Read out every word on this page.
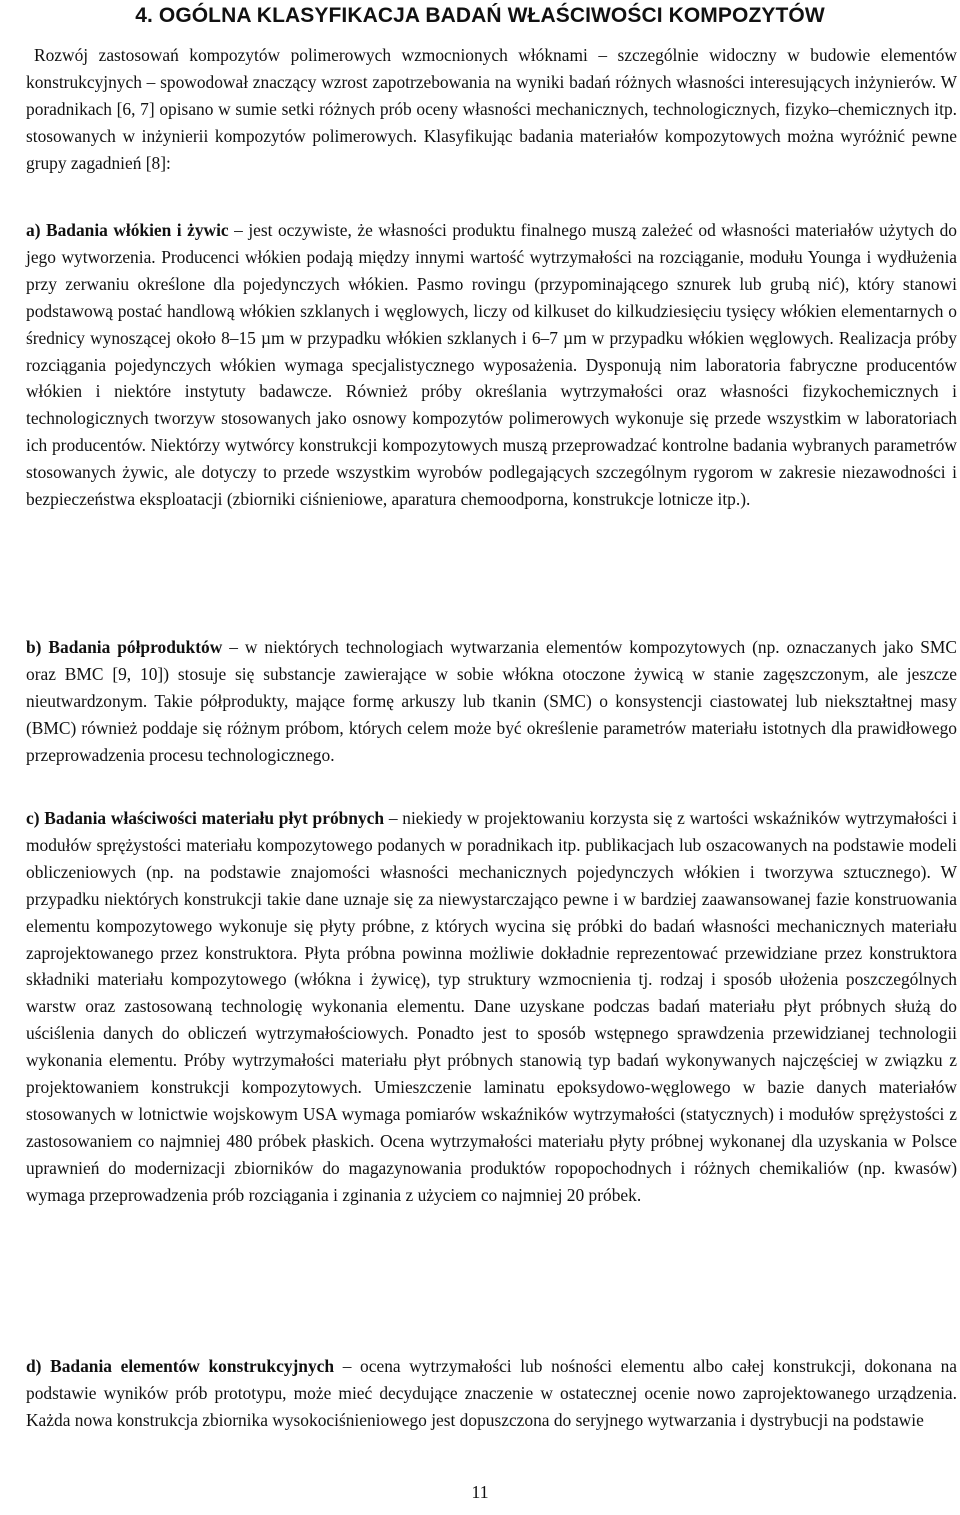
4. OGÓLNA KLASYFIKACJA BADAŃ WŁAŚCIWOŚCI KOMPOZYTÓW

Rozwój zastosowań kompozytów polimerowych wzmocnionych włóknami – szczególnie widoczny w budowie elementów konstrukcyjnych – spowodował znaczący wzrost zapotrzebowania na wyniki badań różnych własności interesujących inżynierów. W poradnikach [6, 7] opisano w sumie setki różnych prób oceny własności mechanicznych, technologicznych, fizyko–chemicznych itp. stosowanych w inżynierii kompozytów polimerowych. Klasyfikując badania materiałów kompozytowych można wyróżnić pewne grupy zagadnień [8]:

a) Badania włókien i żywic – jest oczywiste, że własności produktu finalnego muszą zależeć od własności materiałów użytych do jego wytworzenia. Producenci włókien podają między innymi wartość wytrzymałości na rozciąganie, modułu Younga i wydłużenia przy zerwaniu określone dla pojedynczych włókien. Pasmo rovingu (przypominającego sznurek lub grubą nić), który stanowi podstawową postać handlową włókien szklanych i węglowych, liczy od kilkuset do kilkudziesięciu tysięcy włókien elementarnych o średnicy wynoszącej około 8–15 µm w przypadku włókien szklanych i 6–7 µm w przypadku włókien węglowych. Realizacja próby rozciągania pojedynczych włókien wymaga specjalistycznego wyposażenia. Dysponują nim laboratoria fabryczne producentów włókien i niektóre instytuty badawcze. Również próby określania wytrzymałości oraz własności fizykochemicznych i technologicznych tworzyw stosowanych jako osnowy kompozytów polimerowych wykonuje się przede wszystkim w laboratoriach ich producentów. Niektórzy wytwórcy konstrukcji kompozytowych muszą przeprowadzać kontrolne badania wybranych parametrów stosowanych żywic, ale dotyczy to przede wszystkim wyrobów podlegających szczególnym rygorom w zakresie niezawodności i bezpieczeństwa eksploatacji (zbiorniki ciśnieniowe, aparatura chemoodporna, konstrukcje lotnicze itp.).

b) Badania półproduktów – w niektórych technologiach wytwarzania elementów kompozytowych (np. oznaczanych jako SMC oraz BMC [9, 10]) stosuje się substancje zawierające w sobie włókna otoczone żywicą w stanie zagęszczonym, ale jeszcze nieutwardzonym. Takie półprodukty, mające formę arkuszy lub tkanin (SMC) o konsystencji ciastowatej lub niekształtnej masy (BMC) również poddaje się różnym próbom, których celem może być określenie parametrów materiału istotnych dla prawidłowego przeprowadzenia procesu technologicznego.

c) Badania właściwości materiału płyt próbnych – niekiedy w projektowaniu korzysta się z wartości wskaźników wytrzymałości i modułów sprężystości materiału kompozytowego podanych w poradnikach itp. publikacjach lub oszacowanych na podstawie modeli obliczeniowych (np. na podstawie znajomości własności mechanicznych pojedynczych włókien i tworzywa sztucznego). W przypadku niektórych konstrukcji takie dane uznaje się za niewystarczająco pewne i w bardziej zaawansowanej fazie konstruowania elementu kompozytowego wykonuje się płyty próbne, z których wycina się próbki do badań własności mechanicznych materiału zaprojektowanego przez konstruktora. Płyta próbna powinna możliwie dokładnie reprezentować przewidziane przez konstruktora składniki materiału kompozytowego (włókna i żywicę), typ struktury wzmocnienia tj. rodzaj i sposób ułożenia poszczególnych warstw oraz zastosowaną technologię wykonania elementu. Dane uzyskane podczas badań materiału płyt próbnych służą do uściślenia danych do obliczeń wytrzymałościowych. Ponadto jest to sposób wstępnego sprawdzenia przewidzianej technologii wykonania elementu. Próby wytrzymałości materiału płyt próbnych stanowią typ badań wykonywanych najczęściej w związku z projektowaniem konstrukcji kompozytowych. Umieszczenie laminatu epoksydowo-węglowego w bazie danych materiałów stosowanych w lotnictwie wojskowym USA wymaga pomiarów wskaźników wytrzymałości (statycznych) i modułów sprężystości z zastosowaniem co najmniej 480 próbek płaskich. Ocena wytrzymałości materiału płyty próbnej wykonanej dla uzyskania w Polsce uprawnień do modernizacji zbiorników do magazynowania produktów ropopochodnych i różnych chemikaliów (np. kwasów) wymaga przeprowadzenia prób rozciągania i zginania z użyciem co najmniej 20 próbek.

d) Badania elementów konstrukcyjnych – ocena wytrzymałości lub nośności elementu albo całej konstrukcji, dokonana na podstawie wyników prób prototypu, może mieć decydujące znaczenie w ostatecznej ocenie nowo zaprojektowanego urządzenia. Każda nowa konstrukcja zbiornika wysokociśnieniowego jest dopuszczona do seryjnego wytwarzania i dystrybucji na podstawie

11
